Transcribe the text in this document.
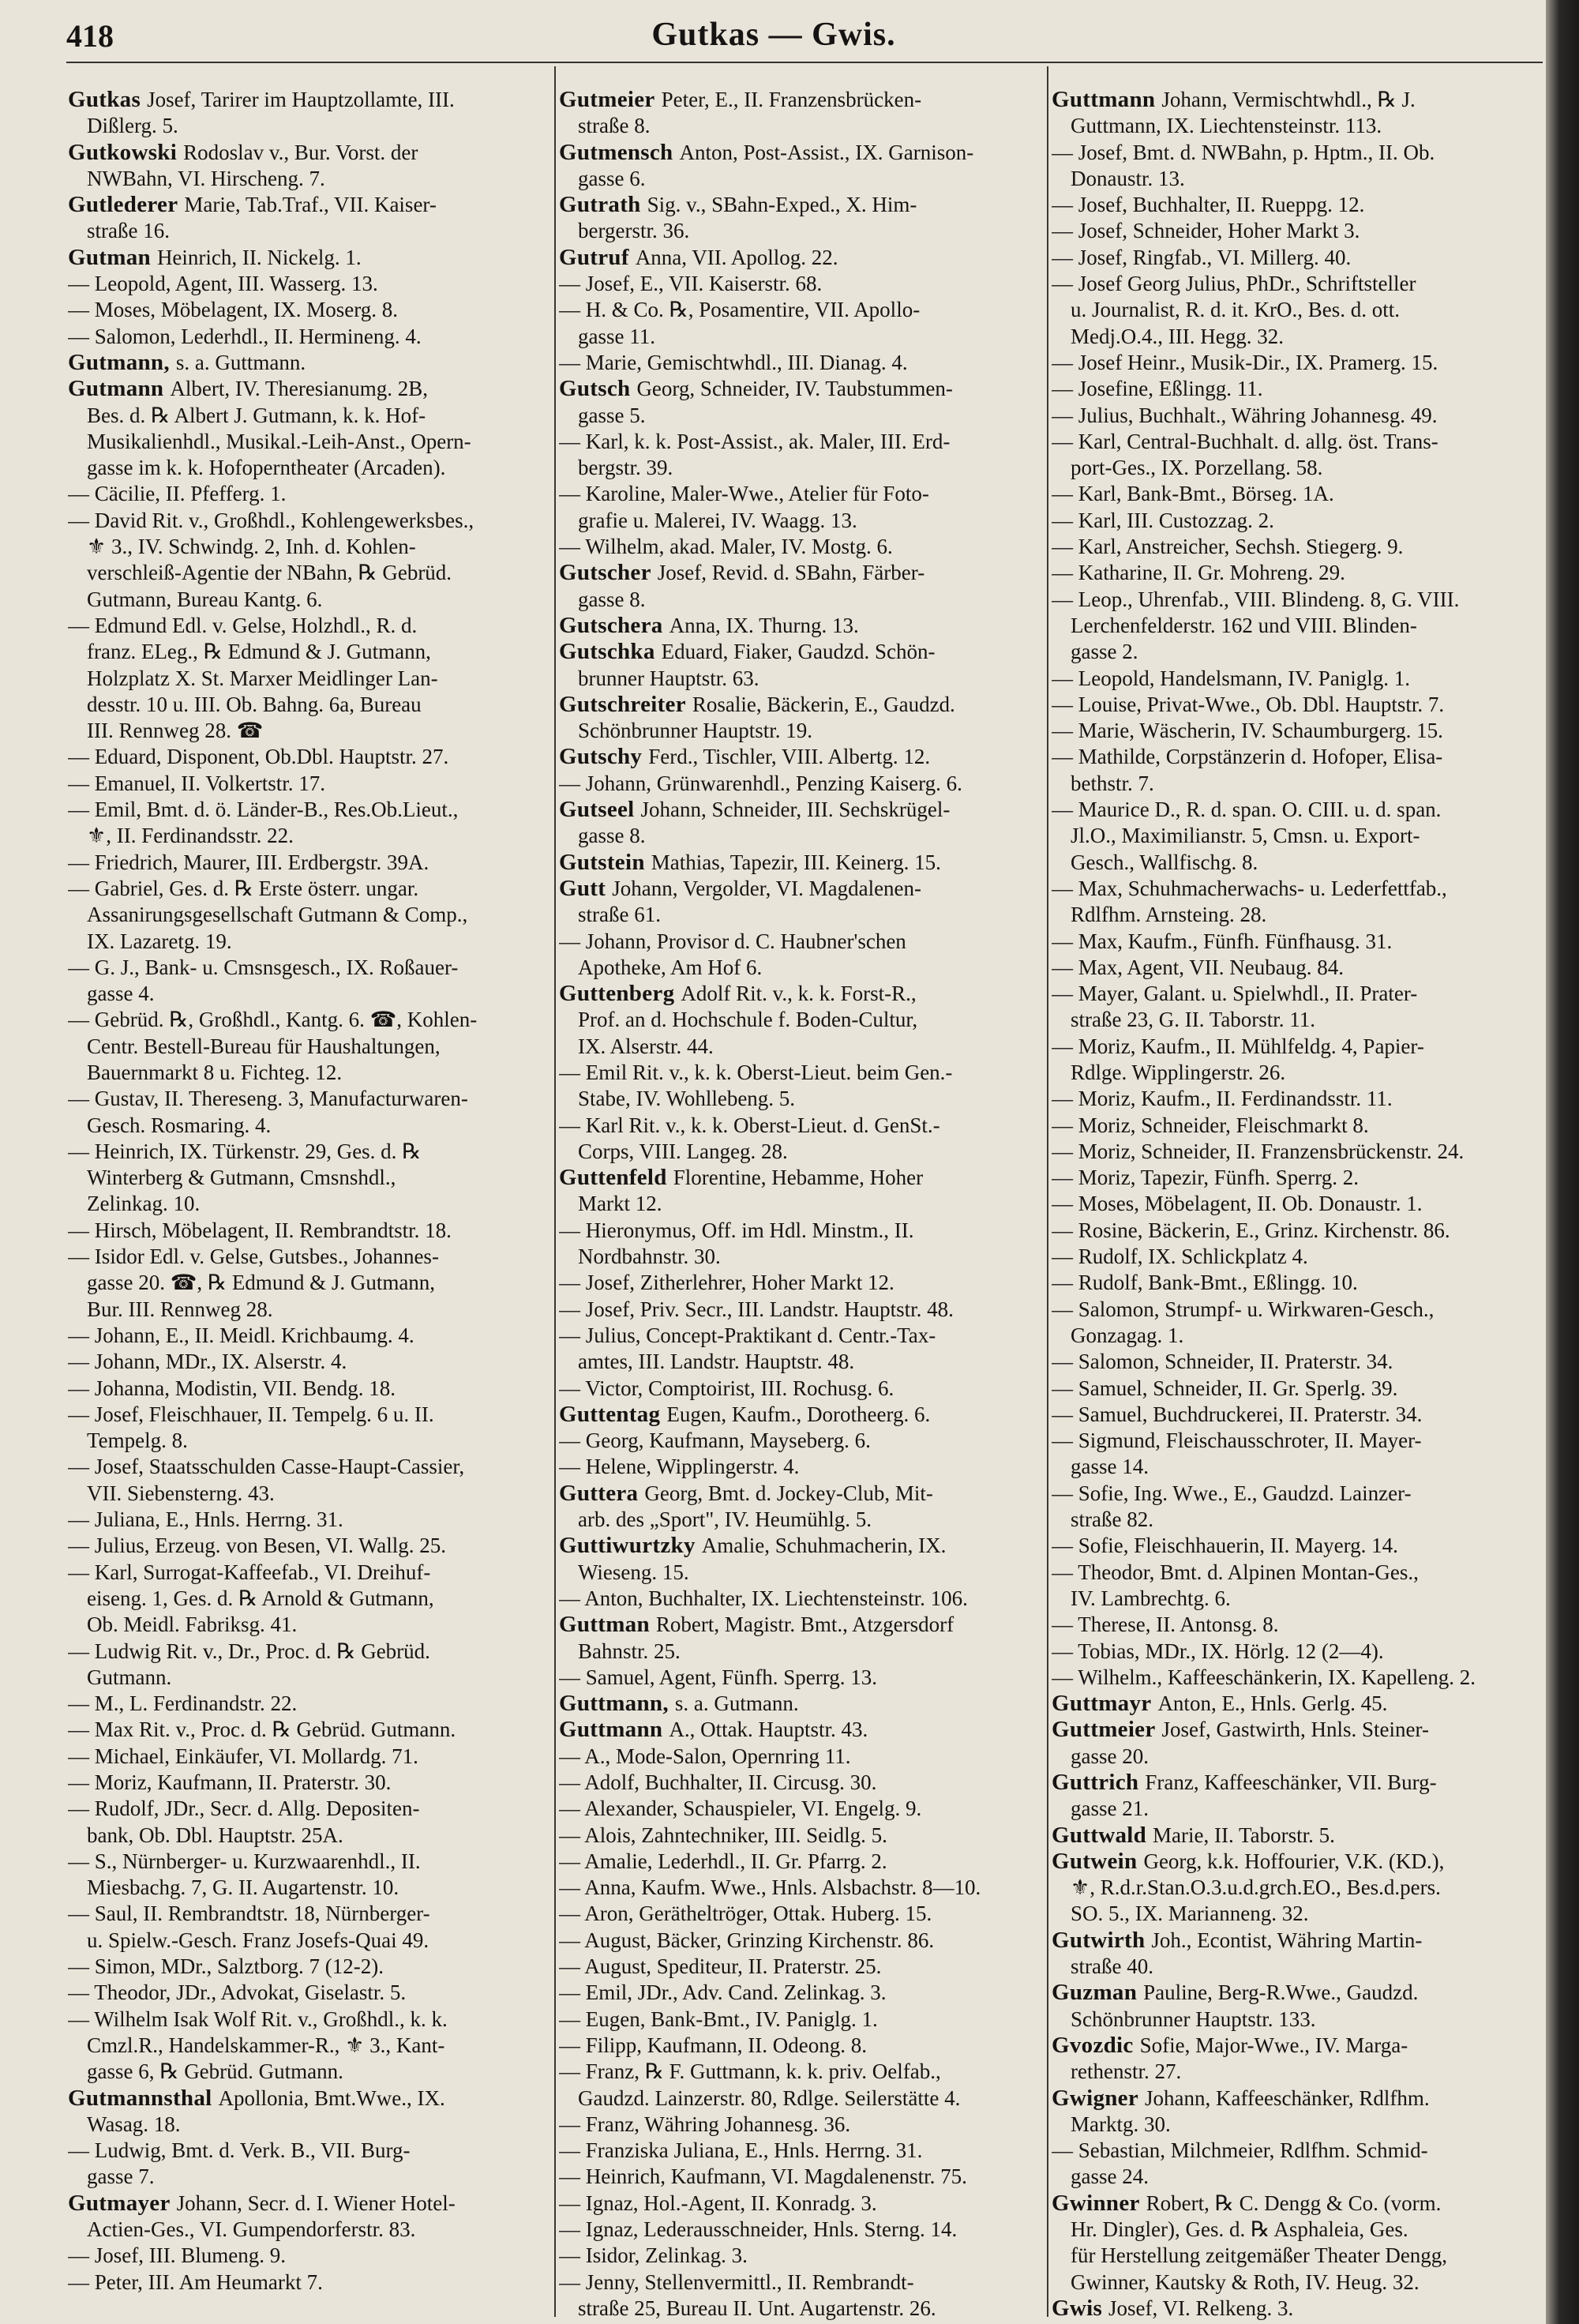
418	Gutkas — Gwis.
Gutkas Josef, Tarirer im Hauptzollamte, III.
Dißlerg. 5.
Gutkowski Rodoslav v., Bur. Vorst. der
NWBahn, VI. Hirscheng. 7.
Gutlederer Marie, Tab.Traf., VII. Kaiser-
straße 16.
Gutman Heinrich, II. Nickelg. 1.
— Leopold, Agent, III. Wasserg. 13.
— Moses, Möbelagent, IX. Moserg. 8.
— Salomon, Lederhdl., II. Hermineng. 4.
Gutmann, s. a. Guttmann.
Gutmann Albert, IV. Theresianumg. 2B,
Bes. d. ℞ Albert J. Gutmann, k. k. Hof-
Musikalienhdl., Musikal.-Leih-Anst., Opern-
gasse im k. k. Hofoperntheater (Arcaden).
— Cäcilie, II. Pfefferg. 1.
— David Rit. v., Großhdl., Kohlengewerksbes.,
⚜ 3., IV. Schwindg. 2, Inh. d. Kohlen-
verschleiß-Agentie der NBahn, ℞ Gebrüd.
Gutmann, Bureau Kantg. 6.
— Edmund Edl. v. Gelse, Holzhdl., R. d.
franz. ELeg., ℞ Edmund & J. Gutmann,
Holzplatz X. St. Marxer Meidlinger Lan-
desstr. 10 u. III. Ob. Bahng. 6a, Bureau
III. Rennweg 28. ☎
— Eduard, Disponent, Ob.Dbl. Hauptstr. 27.
— Emanuel, II. Volkertstr. 17.
— Emil, Bmt. d. ö. Länder-B., Res.Ob.Lieut.,
⚜, II. Ferdinandsstr. 22.
— Friedrich, Maurer, III. Erdbergstr. 39A.
— Gabriel, Ges. d. ℞ Erste österr. ungar.
Assanirungsgesellschaft Gutmann & Comp.,
IX. Lazaretg. 19.
— G. J., Bank- u. Cmsnsgesch., IX. Roßauer-
gasse 4.
— Gebrüd. ℞, Großhdl., Kantg. 6. ☎, Kohlen-
Centr. Bestell-Bureau für Haushaltungen,
Bauernmarkt 8 u. Fichteg. 12.
— Gustav, II. Thereseng. 3, Manufacturwaren-
Gesch. Rosmaring. 4.
— Heinrich, IX. Türkenstr. 29, Ges. d. ℞
Winterberg & Gutmann, Cmsnshdl.,
Zelinkag. 10.
— Hirsch, Möbelagent, II. Rembrandtstr. 18.
— Isidor Edl. v. Gelse, Gutsbes., Johannes-
gasse 20. ☎, ℞ Edmund & J. Gutmann,
Bur. III. Rennweg 28.
— Johann, E., II. Meidl. Krichbaumg. 4.
— Johann, MDr., IX. Alserstr. 4.
— Johanna, Modistin, VII. Bendg. 18.
— Josef, Fleischhauer, II. Tempelg. 6 u. II.
Tempelg. 8.
— Josef, Staatsschulden Casse-Haupt-Cassier,
VII. Siebensterng. 43.
— Juliana, E., Hnls. Herrng. 31.
— Julius, Erzeug. von Besen, VI. Wallg. 25.
— Karl, Surrogat-Kaffeefab., VI. Dreihuf-
eiseng. 1, Ges. d. ℞ Arnold & Gutmann,
Ob. Meidl. Fabriksg. 41.
— Ludwig Rit. v., Dr., Proc. d. ℞ Gebrüd.
Gutmann.
— M., L. Ferdinandstr. 22.
— Max Rit. v., Proc. d. ℞ Gebrüd. Gutmann.
— Michael, Einkäufer, VI. Mollardg. 71.
— Moriz, Kaufmann, II. Praterstr. 30.
— Rudolf, JDr., Secr. d. Allg. Depositen-
bank, Ob. Dbl. Hauptstr. 25A.
— S., Nürnberger- u. Kurzwaarenhdl., II.
Miesbachg. 7, G. II. Augartenstr. 10.
— Saul, II. Rembrandtstr. 18, Nürnberger-
u. Spielw.-Gesch. Franz Josefs-Quai 49.
— Simon, MDr., Salztborg. 7 (12-2).
— Theodor, JDr., Advokat, Giselastr. 5.
— Wilhelm Isak Wolf Rit. v., Großhdl., k. k.
Cmzl.R., Handelskammer-R., ⚜ 3., Kant-
gasse 6, ℞ Gebrüd. Gutmann.
Gutmannsthal Apollonia, Bmt.Wwe., IX.
Wasag. 18.
— Ludwig, Bmt. d. Verk. B., VII. Burg-
gasse 7.
Gutmayer Johann, Secr. d. I. Wiener Hotel-
Actien-Ges., VI. Gumpendorferstr. 83.
— Josef, III. Blumeng. 9.
— Peter, III. Am Heumarkt 7.
Gutmeier Peter, E., II. Franzensbrücken-
straße 8.
Gutmensch Anton, Post-Assist., IX. Garnison-
gasse 6.
Gutrath Sig. v., SBahn-Exped., X. Him-
bergerstr. 36.
Gutruf Anna, VII. Apollog. 22.
— Josef, E., VII. Kaiserstr. 68.
— H. & Co. ℞, Posamentire, VII. Apollo-
gasse 11.
— Marie, Gemischtwhdl., III. Dianag. 4.
Gutsch Georg, Schneider, IV. Taubstummen-
gasse 5.
— Karl, k. k. Post-Assist., ak. Maler, III. Erd-
bergstr. 39.
— Karoline, Maler-Wwe., Atelier für Foto-
grafie u. Malerei, IV. Waagg. 13.
— Wilhelm, akad. Maler, IV. Mostg. 6.
Gutscher Josef, Revid. d. SBahn, Färber-
gasse 8.
Gutschera Anna, IX. Thurng. 13.
Gutschka Eduard, Fiaker, Gaudzd. Schön-
brunner Hauptstr. 63.
Gutschreiter Rosalie, Bäckerin, E., Gaudzd.
Schönbrunner Hauptstr. 19.
Gutschy Ferd., Tischler, VIII. Albertg. 12.
— Johann, Grünwarenhdl., Penzing Kaiserg. 6.
Gutseel Johann, Schneider, III. Sechskrügel-
gasse 8.
Gutstein Mathias, Tapezir, III. Keinerg. 15.
Gutt Johann, Vergolder, VI. Magdalenen-
straße 61.
— Johann, Provisor d. C. Haubner'schen
Apotheke, Am Hof 6.
Guttenberg Adolf Rit. v., k. k. Forst-R.,
Prof. an d. Hochschule f. Boden-Cultur,
IX. Alserstr. 44.
— Emil Rit. v., k. k. Oberst-Lieut. beim Gen.-
Stabe, IV. Wohllebeng. 5.
— Karl Rit. v., k. k. Oberst-Lieut. d. GenSt.-
Corps, VIII. Langeg. 28.
Guttenfeld Florentine, Hebamme, Hoher
Markt 12.
— Hieronymus, Off. im Hdl. Minstm., II.
Nordbahnstr. 30.
— Josef, Zitherlehrer, Hoher Markt 12.
— Josef, Priv. Secr., III. Landstr. Hauptstr. 48.
— Julius, Concept-Praktikant d. Centr.-Tax-
amtes, III. Landstr. Hauptstr. 48.
— Victor, Comptoirist, III. Rochusg. 6.
Guttentag Eugen, Kaufm., Dorotheerg. 6.
— Georg, Kaufmann, Mayseberg. 6.
— Helene, Wipplingerstr. 4.
Guttera Georg, Bmt. d. Jockey-Club, Mit-
arb. des „Sport", IV. Heumühlg. 5.
Guttiwurtzky Amalie, Schuhmacherin, IX.
Wieseng. 15.
— Anton, Buchhalter, IX. Liechtensteinstr. 106.
Guttman Robert, Magistr. Bmt., Atzgersdorf
Bahnstr. 25.
— Samuel, Agent, Fünfh. Sperrg. 13.
Guttmann, s. a. Gutmann.
Guttmann A., Ottak. Hauptstr. 43.
— A., Mode-Salon, Opernring 11.
— Adolf, Buchhalter, II. Circusg. 30.
— Alexander, Schauspieler, VI. Engelg. 9.
— Alois, Zahntechniker, III. Seidlg. 5.
— Amalie, Lederhdl., II. Gr. Pfarrg. 2.
— Anna, Kaufm. Wwe., Hnls. Alsbachstr. 8—10.
— Aron, Gerätheltröger, Ottak. Huberg. 15.
— August, Bäcker, Grinzing Kirchenstr. 86.
— August, Spediteur, II. Praterstr. 25.
— Emil, JDr., Adv. Cand. Zelinkag. 3.
— Eugen, Bank-Bmt., IV. Paniglg. 1.
— Filipp, Kaufmann, II. Odeong. 8.
— Franz, ℞ F. Guttmann, k. k. priv. Oelfab.,
Gaudzd. Lainzerstr. 80, Rdlge. Seilerstätte 4.
— Franz, Währing Johannesg. 36.
— Franziska Juliana, E., Hnls. Herrng. 31.
— Heinrich, Kaufmann, VI. Magdalenenstr. 75.
— Ignaz, Hol.-Agent, II. Konradg. 3.
— Ignaz, Lederausschneider, Hnls. Sterng. 14.
— Isidor, Zelinkag. 3.
— Jenny, Stellenvermittl., II. Rembrandt-
straße 25, Bureau II. Unt. Augartenstr. 26.
Guttmann Johann, Vermischtwhdl., ℞ J.
Guttmann, IX. Liechtensteinstr. 113.
— Josef, Bmt. d. NWBahn, p. Hptm., II. Ob.
Donaustr. 13.
— Josef, Buchhalter, II. Rueppg. 12.
— Josef, Schneider, Hoher Markt 3.
— Josef, Ringfab., VI. Millerg. 40.
— Josef Georg Julius, PhDr., Schriftsteller
u. Journalist, R. d. it. KrO., Bes. d. ott.
Medj.O.4., III. Hegg. 32.
— Josef Heinr., Musik-Dir., IX. Pramerg. 15.
— Josefine, Eßlingg. 11.
— Julius, Buchhalt., Währing Johannesg. 49.
— Karl, Central-Buchhalt. d. allg. öst. Trans-
port-Ges., IX. Porzellang. 58.
— Karl, Bank-Bmt., Börseg. 1A.
— Karl, III. Custozzag. 2.
— Karl, Anstreicher, Sechsh. Stiegerg. 9.
— Katharine, II. Gr. Mohreng. 29.
— Leop., Uhrenfab., VIII. Blindeng. 8, G. VIII.
Lerchenfelderstr. 162 und VIII. Blinden-
gasse 2.
— Leopold, Handelsmann, IV. Paniglg. 1.
— Louise, Privat-Wwe., Ob. Dbl. Hauptstr. 7.
— Marie, Wäscherin, IV. Schaumburgerg. 15.
— Mathilde, Corpstänzerin d. Hofoper, Elisa-
bethstr. 7.
— Maurice D., R. d. span. O. CIII. u. d. span.
Jl.O., Maximilianstr. 5, Cmsn. u. Export-
Gesch., Wallfischg. 8.
— Max, Schuhmacherwachs- u. Lederfettfab.,
Rdlfhm. Arnsteing. 28.
— Max, Kaufm., Fünfh. Fünfhausg. 31.
— Max, Agent, VII. Neubaug. 84.
— Mayer, Galant. u. Spielwhdl., II. Prater-
straße 23, G. II. Taborstr. 11.
— Moriz, Kaufm., II. Mühlfeldg. 4, Papier-
Rdlge. Wipplingerstr. 26.
— Moriz, Kaufm., II. Ferdinandsstr. 11.
— Moriz, Schneider, Fleischmarkt 8.
— Moriz, Schneider, II. Franzensbrückenstr. 24.
— Moriz, Tapezir, Fünfh. Sperrg. 2.
— Moses, Möbelagent, II. Ob. Donaustr. 1.
— Rosine, Bäckerin, E., Grinz. Kirchenstr. 86.
— Rudolf, IX. Schlickplatz 4.
— Rudolf, Bank-Bmt., Eßlingg. 10.
— Salomon, Strumpf- u. Wirkwaren-Gesch.,
Gonzagag. 1.
— Salomon, Schneider, II. Praterstr. 34.
— Samuel, Schneider, II. Gr. Sperlg. 39.
— Samuel, Buchdruckerei, II. Praterstr. 34.
— Sigmund, Fleischausschroter, II. Mayer-
gasse 14.
— Sofie, Ing. Wwe., E., Gaudzd. Lainzer-
straße 82.
— Sofie, Fleischhauerin, II. Mayerg. 14.
— Theodor, Bmt. d. Alpinen Montan-Ges.,
IV. Lambrechtg. 6.
— Therese, II. Antonsg. 8.
— Tobias, MDr., IX. Hörlg. 12 (2—4).
— Wilhelm., Kaffeeschänkerin, IX. Kapelleng. 2.
Guttmayr Anton, E., Hnls. Gerlg. 45.
Guttmeier Josef, Gastwirth, Hnls. Steiner-
gasse 20.
Guttrich Franz, Kaffeeschänker, VII. Burg-
gasse 21.
Guttwald Marie, II. Taborstr. 5.
Gutwein Georg, k.k. Hoffourier, V.K. (KD.),
⚜, R.d.r.Stan.O.3.u.d.grch.EO., Bes.d.pers.
SO. 5., IX. Marianneng. 32.
Gutwirth Joh., Econtist, Währing Martin-
straße 40.
Guzman Pauline, Berg-R.Wwe., Gaudzd.
Schönbrunner Hauptstr. 133.
Gvozdic Sofie, Major-Wwe., IV. Marga-
rethenstr. 27.
Gwigner Johann, Kaffeeschänker, Rdlfhm.
Marktg. 30.
— Sebastian, Milchmeier, Rdlfhm. Schmid-
gasse 24.
Gwinner Robert, ℞ C. Dengg & Co. (vorm.
Hr. Dingler), Ges. d. ℞ Asphaleia, Ges.
für Herstellung zeitgemäßer Theater Dengg,
Gwinner, Kautsky & Roth, IV. Heug. 32.
Gwis Josef, VI. Relkeng. 3.
